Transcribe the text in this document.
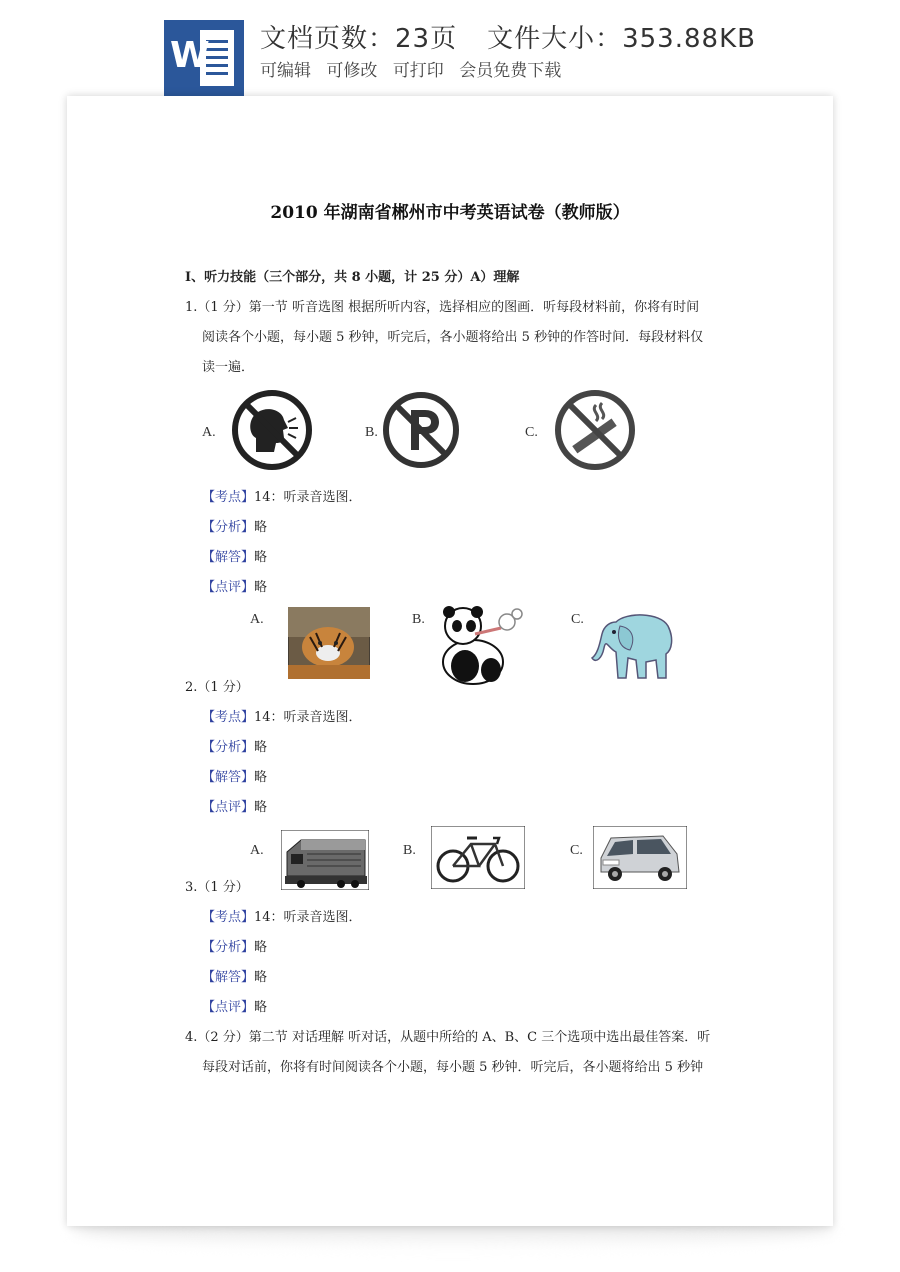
W 文档页数：23页 文件大小：353.88KB
可编辑 可修改 可打印 会员免费下载
2010 年湖南省郴州市中考英语试卷（教师版）
I、听力技能（三个部分，共 8 小题，计 25 分）A）理解
1.（1 分）第一节 听音选图 根据所听内容，选择相应的图画．听每段材料前，你将有时间
阅读各个小题，每小题 5 秒钟，听完后，各小题将给出 5 秒钟的作答时间．每段材料仅
读一遍．
A.	B.	C.
【考点】14：听录音选图．
【分析】略
【解答】略
【点评】略
A.	B.	C.
2.（1 分）
【考点】14：听录音选图．
【分析】略
【解答】略
【点评】略
A.	B.	C.
3.（1 分）
【考点】14：听录音选图．
【分析】略
【解答】略
【点评】略
4.（2 分）第二节 对话理解 听对话，从题中所给的 A、B、C 三个选项中选出最佳答案．听
每段对话前，你将有时间阅读各个小题，每小题 5 秒钟．听完后，各小题将给出 5 秒钟
